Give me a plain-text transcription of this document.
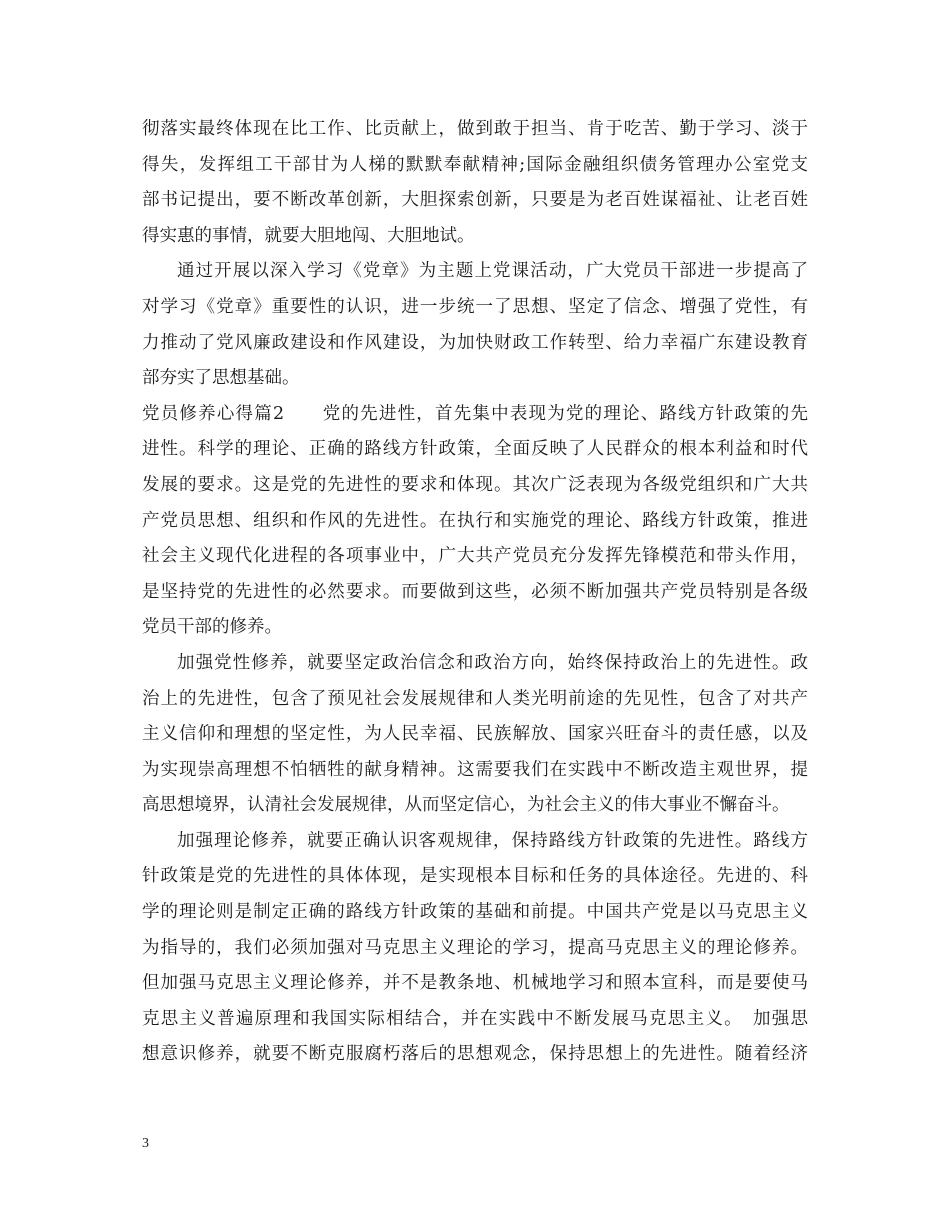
彻落实最终体现在比工作、比贡献上，做到敢于担当、肯于吃苦、勤于学习、淡于
得失，发挥组工干部甘为人梯的默默奉献精神;国际金融组织债务管理办公室党支
部书记提出，要不断改革创新，大胆探索创新，只要是为老百姓谋福祉、让老百姓
得实惠的事情，就要大胆地闯、大胆地试。
通过开展以深入学习《党章》为主题上党课活动，广大党员干部进一步提高了
对学习《党章》重要性的认识，进一步统一了思想、坚定了信念、增强了党性，有
力推动了党风廉政建设和作风建设，为加快财政工作转型、给力幸福广东建设教育
部夯实了思想基础。
党员修养心得篇2　　党的先进性，首先集中表现为党的理论、路线方针政策的先
进性。科学的理论、正确的路线方针政策，全面反映了人民群众的根本利益和时代
发展的要求。这是党的先进性的要求和体现。其次广泛表现为各级党组织和广大共
产党员思想、组织和作风的先进性。在执行和实施党的理论、路线方针政策，推进
社会主义现代化进程的各项事业中，广大共产党员充分发挥先锋模范和带头作用，
是坚持党的先进性的必然要求。而要做到这些，必须不断加强共产党员特别是各级
党员干部的修养。
加强党性修养，就要坚定政治信念和政治方向，始终保持政治上的先进性。政
治上的先进性，包含了预见社会发展规律和人类光明前途的先见性，包含了对共产
主义信仰和理想的坚定性，为人民幸福、民族解放、国家兴旺奋斗的责任感，以及
为实现崇高理想不怕牺牲的献身精神。这需要我们在实践中不断改造主观世界，提
高思想境界，认清社会发展规律，从而坚定信心，为社会主义的伟大事业不懈奋斗。
加强理论修养，就要正确认识客观规律，保持路线方针政策的先进性。路线方
针政策是党的先进性的具体体现，是实现根本目标和任务的具体途径。先进的、科
学的理论则是制定正确的路线方针政策的基础和前提。中国共产党是以马克思主义
为指导的，我们必须加强对马克思主义理论的学习，提高马克思主义的理论修养。
但加强马克思主义理论修养，并不是教条地、机械地学习和照本宣科，而是要使马
克思主义普遍原理和我国实际相结合，并在实践中不断发展马克思主义。　加强思
想意识修养，就要不断克服腐朽落后的思想观念，保持思想上的先进性。随着经济
3
